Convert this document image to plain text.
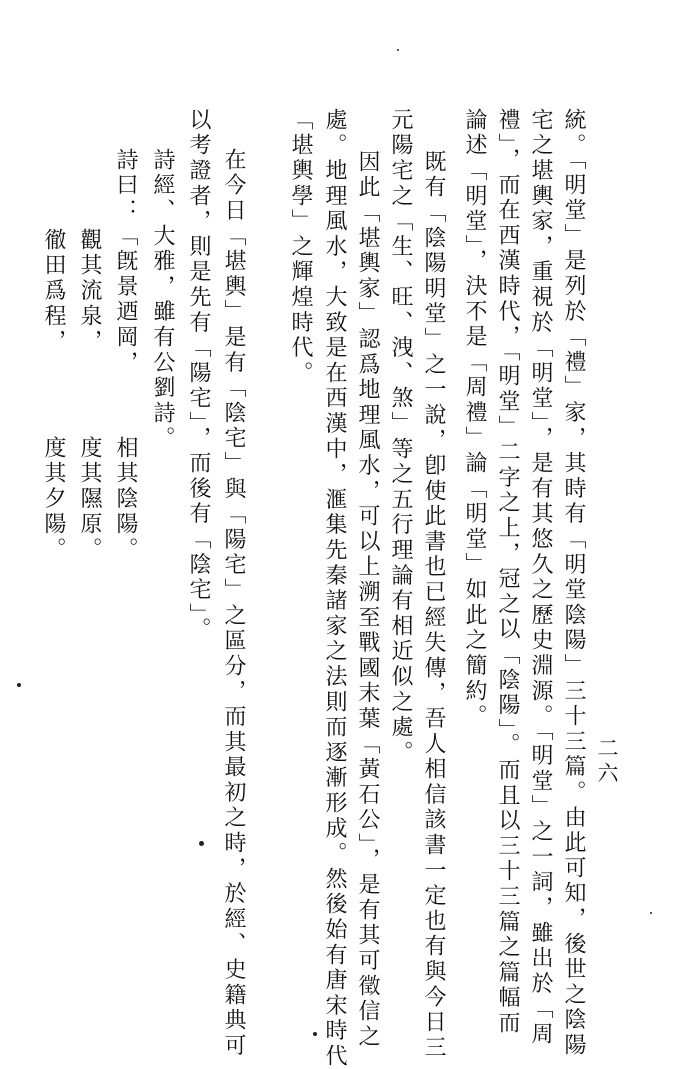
二六
統。「明堂」是列於「禮」家，其時有「明堂陰陽」三十三篇。由此可知，後世之陰陽
宅之堪輿家，重視於「明堂」，是有其悠久之歷史淵源。「明堂」之一詞，雖出於「周
禮」，而在西漢時代，「明堂」二字之上，冠之以「陰陽」。而且以三十三篇之篇幅而
論述「明堂」，決不是「周禮」論「明堂」如此之簡約。
既有「陰陽明堂」之一說，卽使此書也已經失傳，吾人相信該書一定也有與今日三
元陽宅之「生、旺、洩、煞」等之五行理論有相近似之處。
因此「堪輿家」認爲地理風水，可以上溯至戰國末葉「黃石公」，是有其可徵信之
處。地理風水，大致是在西漢中，滙集先秦諸家之法則而逐漸形成。然後始有唐宋時代
「堪輿學」之輝煌時代。
在今日「堪輿」是有「陰宅」與「陽宅」之區分，而其最初之時，於經、史籍典可
以考證者，則是先有「陽宅」，而後有「陰宅」。
詩經、大雅，雖有公劉詩。
詩曰：「旣景迺岡，
相其陰陽。
觀其流泉，
度其隰原。
徹田爲程，
度其夕陽。
